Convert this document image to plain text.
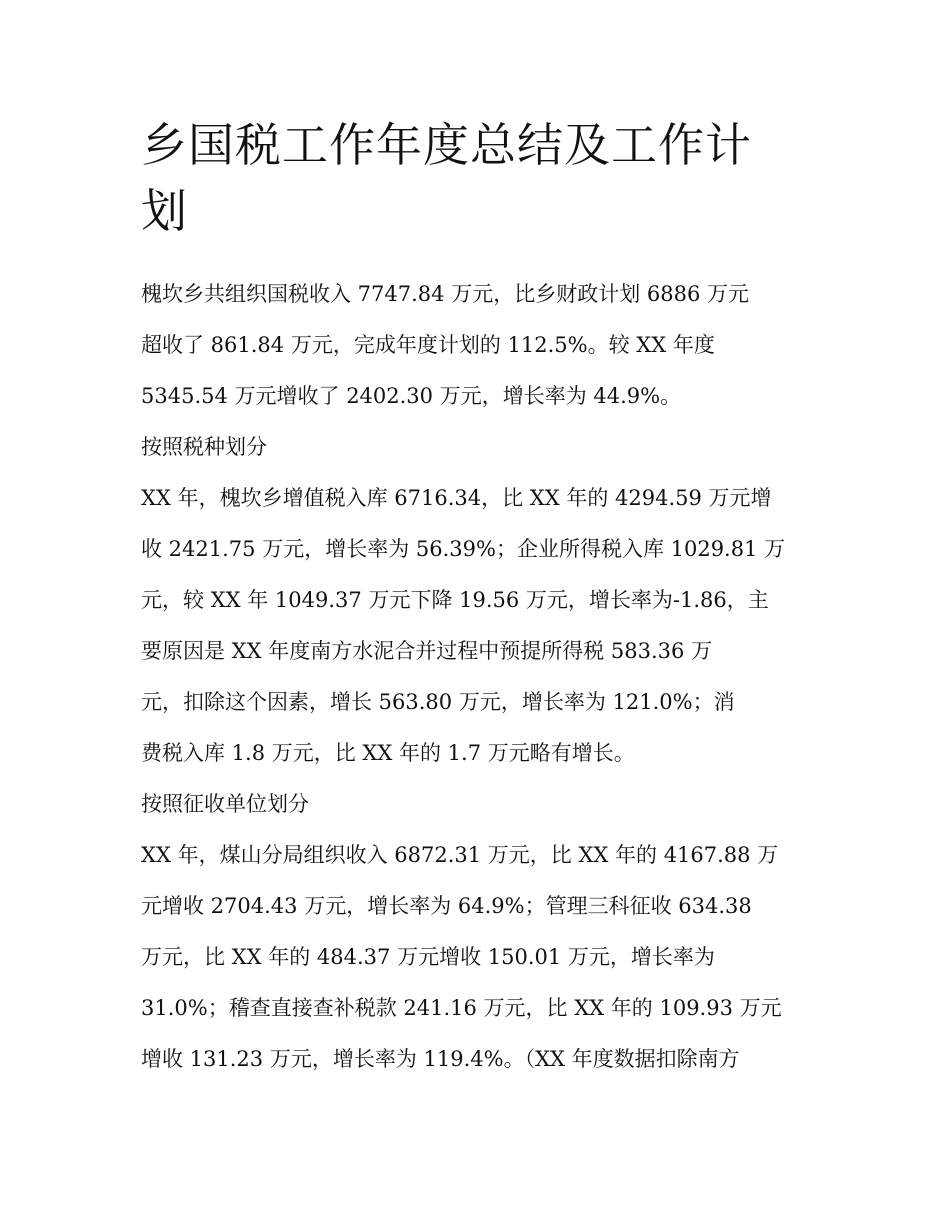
乡国税工作年度总结及工作计
划
槐坎乡共组织国税收入 7747.84 万元，比乡财政计划 6886 万元
超收了 861.84 万元，完成年度计划的 112.5%。较 XX 年度
5345.54 万元增收了 2402.30 万元，增长率为 44.9%。
按照税种划分
XX 年，槐坎乡增值税入库 6716.34，比 XX 年的 4294.59 万元增
收 2421.75 万元，增长率为 56.39%；企业所得税入库 1029.81 万
元，较 XX 年 1049.37 万元下降 19.56 万元，增长率为-1.86，主
要原因是 XX 年度南方水泥合并过程中预提所得税 583.36 万
元，扣除这个因素，增长 563.80 万元，增长率为 121.0%；消
费税入库 1.8 万元，比 XX 年的 1.7 万元略有增长。
按照征收单位划分
XX 年，煤山分局组织收入 6872.31 万元，比 XX 年的 4167.88 万
元增收 2704.43 万元，增长率为 64.9%；管理三科征收 634.38
万元，比 XX 年的 484.37 万元增收 150.01 万元，增长率为
31.0%；稽查直接查补税款 241.16 万元，比 XX 年的 109.93 万元
增收 131.23 万元，增长率为 119.4%。（XX 年度数据扣除南方
